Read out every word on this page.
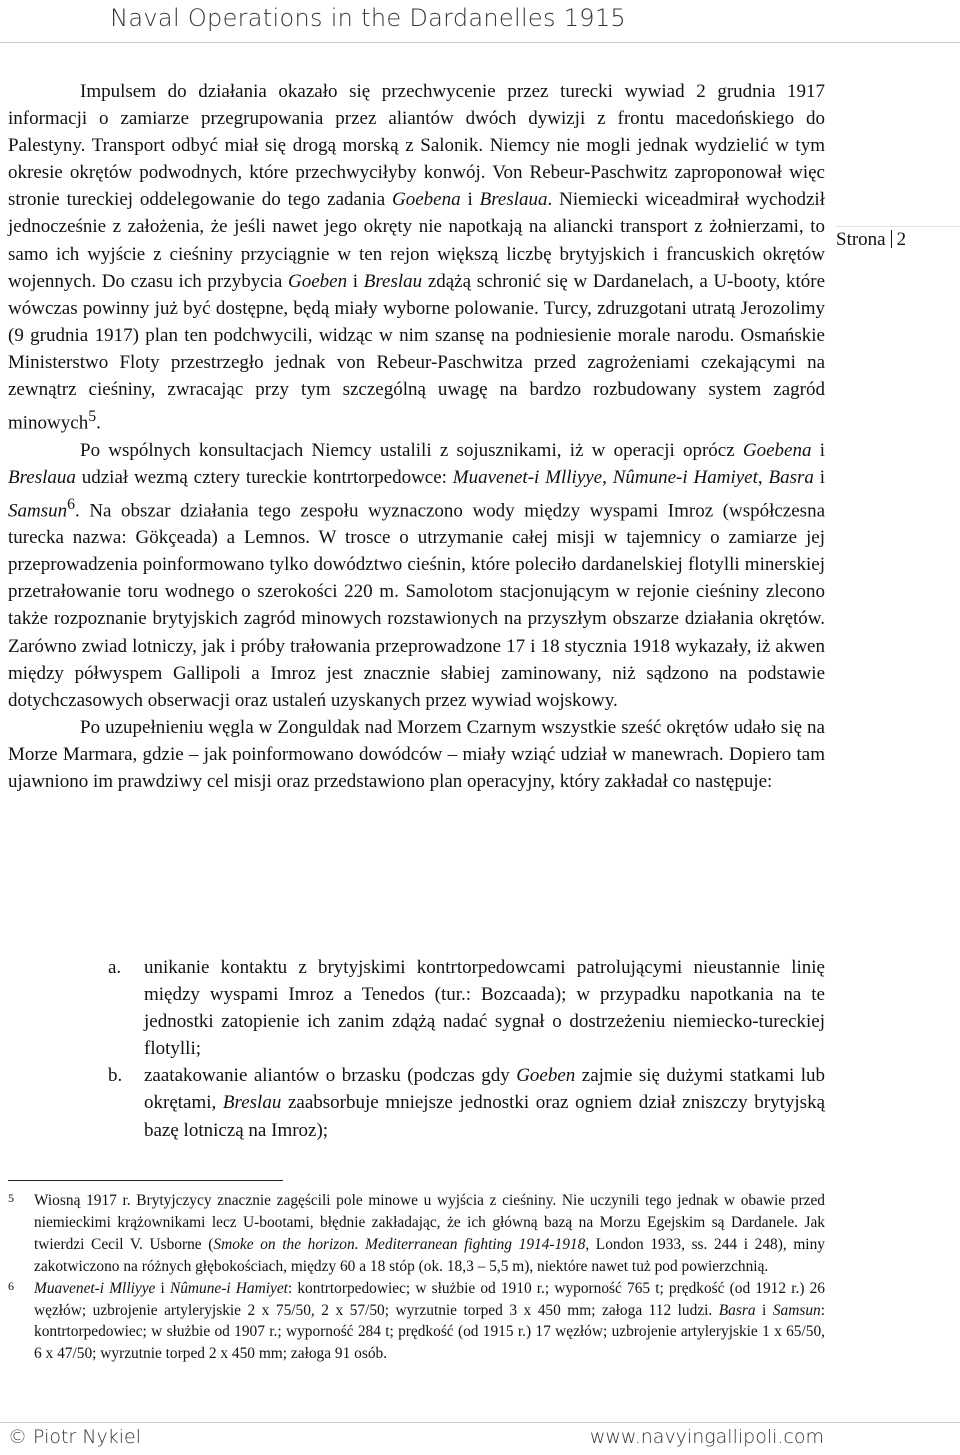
Naval Operations in the Dardanelles 1915
Strona 2

Impulsem do działania okazało się przechwycenie przez turecki wywiad 2 grudnia 1917 informacji o zamiarze przegrupowania przez aliantów dwóch dywizji z frontu macedońskiego do Palestyny. Transport odbyć miał się drogą morską z Salonik. Niemcy nie mogli jednak wydzielić w tym okresie okrętów podwodnych, które przechwyciłyby konwój. Von Rebeur-Paschwitz zaproponował więc stronie tureckiej oddelegowanie do tego zadania Goebena i Breslaua. Niemiecki wiceadmirał wychodził jednocześnie z założenia, że jeśli nawet jego okręty nie napotkają na aliancki transport z żołnierzami, to samo ich wyjście z cieśniny przyciągnie w ten rejon większą liczbę brytyjskich i francuskich okrętów wojennych. Do czasu ich przybycia Goeben i Breslau zdążą schronić się w Dardanelach, a U-booty, które wówczas powinny już być dostępne, będą miały wyborne polowanie. Turcy, zdruzgotani utratą Jerozolimy (9 grudnia 1917) plan ten podchwycili, widząc w nim szansę na podniesienie morale narodu. Osmańskie Ministerstwo Floty przestrzegło jednak von Rebeur-Paschwitza przed zagrożeniami czekającymi na zewnątrz cieśniny, zwracając przy tym szczególną uwagę na bardzo rozbudowany system zagród minowych$^5$.

Po wspólnych konsultacjach Niemcy ustalili z sojusznikami, iż w operacji oprócz Goebena i Breslaua udział wezmą cztery tureckie kontrtorpedowce: Muavenet-i Mlliyye, Nûmune-i Hamiyet, Basra i Samsun$^6$. Na obszar działania tego zespołu wyznaczono wody między wyspami Imroz (współczesna turecka nazwa: Gökçeada) a Lemnos. W trosce o utrzymanie całej misji w tajemnicy o zamiarze jej przeprowadzenia poinformowano tylko dowództwo cieśnin, które poleciło dardanelskiej flotylli minerskiej przetrałowanie toru wodnego o szerokości 220 m. Samolotom stacjonującym w rejonie cieśniny zlecono także rozpoznanie brytyjskich zagród minowych rozstawionych na przyszłym obszarze działania okrętów. Zarówno zwiad lotniczy, jak i próby trałowania przeprowadzone 17 i 18 stycznia 1918 wykazały, iż akwen między półwyspem Gallipoli a Imroz jest znacznie słabiej zaminowany, niż sądzono na podstawie dotychczasowych obserwacji oraz ustaleń uzyskanych przez wywiad wojskowy.

Po uzupełnieniu węgla w Zonguldak nad Morzem Czarnym wszystkie sześć okrętów udało się na Morze Marmara, gdzie – jak poinformowano dowódców – miały wziąć udział w manewrach. Dopiero tam ujawniono im prawdziwy cel misji oraz przedstawiono plan operacyjny, który zakładał co następuje:

a.	unikanie kontaktu z brytyjskimi kontrtorpedowcami patrolującymi nieustannie linię między wyspami Imroz a Tenedos (tur.: Bozcaada); w przypadku napotkania na te jednostki zatopienie ich zanim zdążą nadać sygnał o dostrzeżeniu niemiecko-tureckiej flotylli;
b.	zaatakowanie aliantów o brzasku (podczas gdy Goeben zajmie się dużymi statkami lub okrętami, Breslau zaabsorbuje mniejsze jednostki oraz ogniem dział zniszczy brytyjską bazę lotniczą na Imroz);
5	Wiosną 1917 r. Brytyjczycy znacznie zagęścili pole minowe u wyjścia z cieśniny. Nie uczynili tego jednak w obawie przed niemieckimi krążownikami lecz U-bootami, błędnie zakładając, że ich główną bazą na Morzu Egejskim są Dardanele. Jak twierdzi Cecil V. Usborne (Smoke on the horizon. Mediterranean fighting 1914-1918, London 1933, ss. 244 i 248), miny zakotwiczono na różnych głębokościach, między 60 a 18 stóp (ok. 18,3 – 5,5 m), niektóre nawet tuż pod powierzchnią.
6	Muavenet-i Mlliyye i Nûmune-i Hamiyet: kontrtorpedowiec; w służbie od 1910 r.; wyporność 765 t; prędkość (od 1912 r.) 26 węzłów; uzbrojenie artyleryjskie 2 x 75/50, 2 x 57/50; wyrzutnie torped 3 x 450 mm; załoga 112 ludzi. Basra i Samsun: kontrtorpedowiec; w służbie od 1907 r.; wyporność 284 t; prędkość (od 1915 r.) 17 węzłów; uzbrojenie artyleryjskie 1 x 65/50, 6 x 47/50; wyrzutnie torped 2 x 450 mm; załoga 91 osób.
© Piotr Nykiel	www.navyingallipoli.com
